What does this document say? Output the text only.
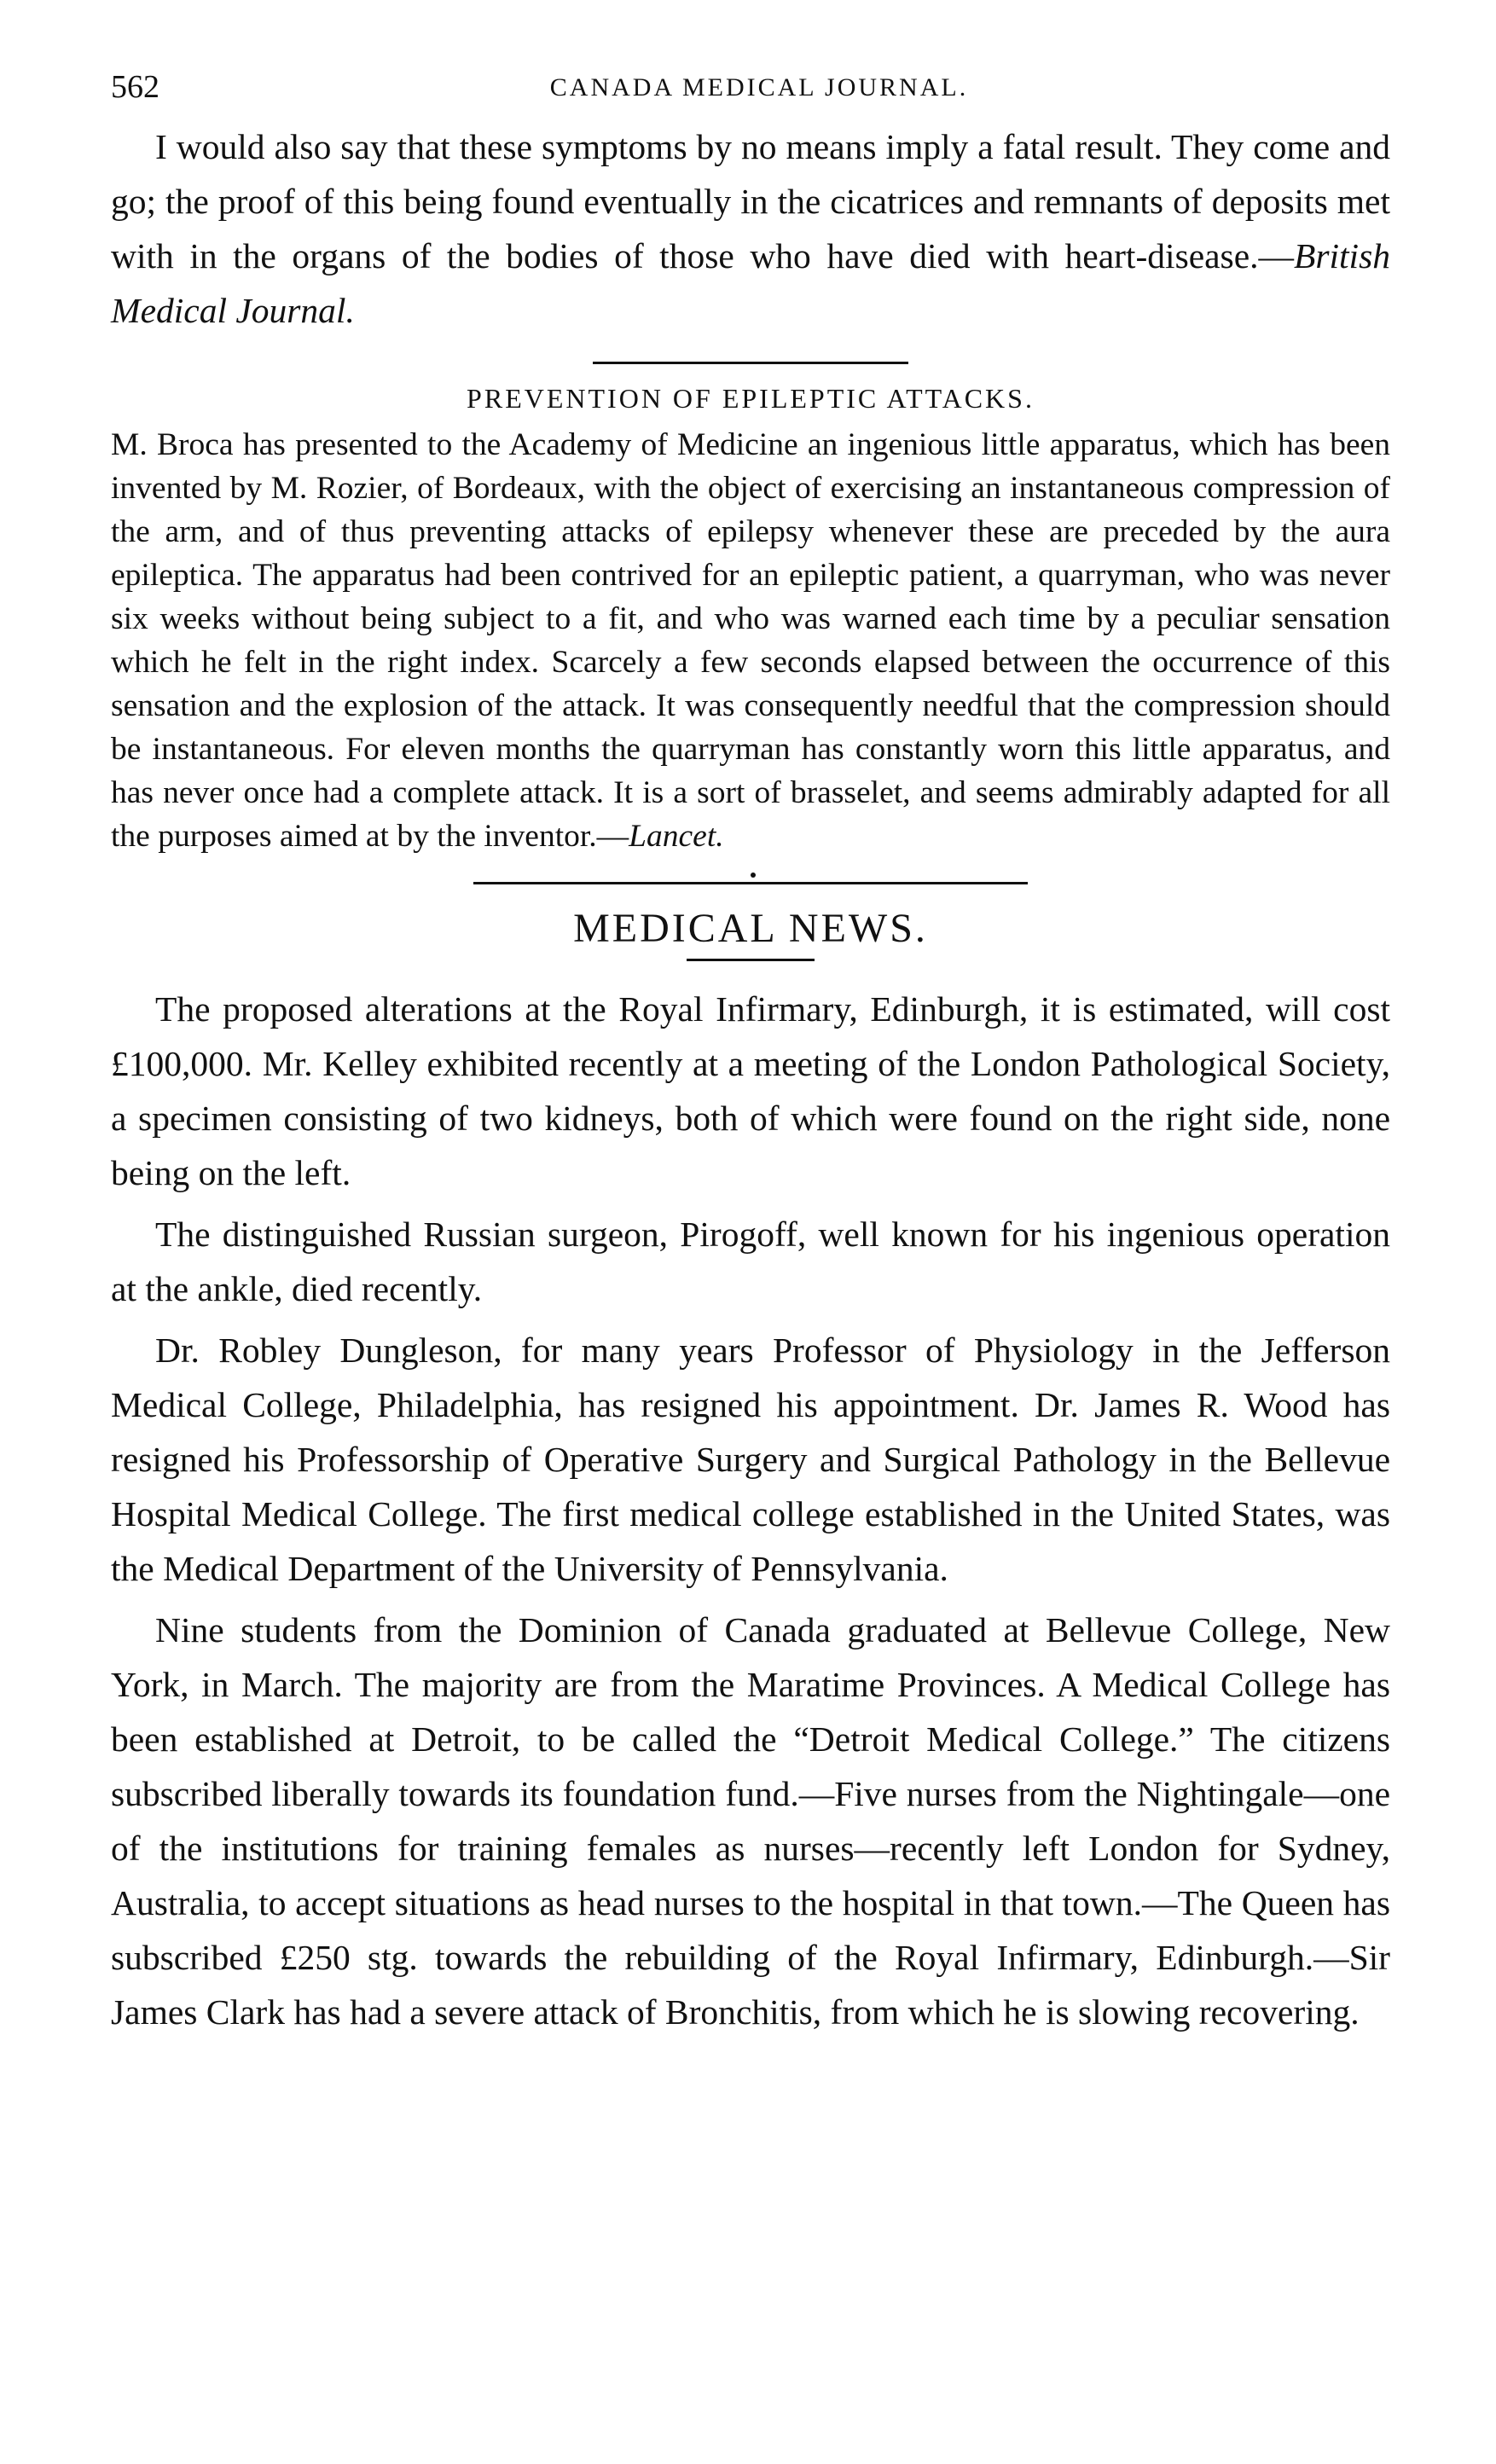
562	CANADA MEDICAL JOURNAL.

I would also say that these symptoms by no means imply a fatal result. They come and go; the proof of this being found eventually in the cicatrices and remnants of deposits met with in the organs of the bodies of those who have died with heart-disease.—British Medical Journal.

PREVENTION OF EPILEPTIC ATTACKS.

M. Broca has presented to the Academy of Medicine an ingenious little apparatus, which has been invented by M. Rozier, of Bordeaux, with the object of exercising an instantaneous compression of the arm, and of thus preventing attacks of epilepsy whenever these are preceded by the aura epileptica. The apparatus had been contrived for an epileptic patient, a quarryman, who was never six weeks without being subject to a fit, and who was warned each time by a peculiar sensation which he felt in the right index. Scarcely a few seconds elapsed between the occurrence of this sensation and the explosion of the attack. It was consequently needful that the compression should be instantaneous. For eleven months the quarryman has constantly worn this little apparatus, and has never once had a complete attack. It is a sort of brasselet, and seems admirably adapted for all the purposes aimed at by the inventor.—Lancet.

MEDICAL NEWS.

The proposed alterations at the Royal Infirmary, Edinburgh, it is estimated, will cost £100,000. Mr. Kelley exhibited recently at a meeting of the London Pathological Society, a specimen consisting of two kidneys, both of which were found on the right side, none being on the left.

The distinguished Russian surgeon, Pirogoff, well known for his ingenious operation at the ankle, died recently.

Dr. Robley Dungleson, for many years Professor of Physiology in the Jefferson Medical College, Philadelphia, has resigned his appointment. Dr. James R. Wood has resigned his Professorship of Operative Surgery and Surgical Pathology in the Bellevue Hospital Medical College. The first medical college established in the United States, was the Medical Department of the University of Pennsylvania.

Nine students from the Dominion of Canada graduated at Bellevue College, New York, in March. The majority are from the Maratime Provinces. A Medical College has been established at Detroit, to be called the “Detroit Medical College.” The citizens subscribed liberally towards its foundation fund.—Five nurses from the Nightingale—one of the institutions for training females as nurses—recently left London for Sydney, Australia, to accept situations as head nurses to the hospital in that town.—The Queen has subscribed £250 stg. towards the rebuilding of the Royal Infirmary, Edinburgh.—Sir James Clark has had a severe attack of Bronchitis, from which he is slowing recovering.
